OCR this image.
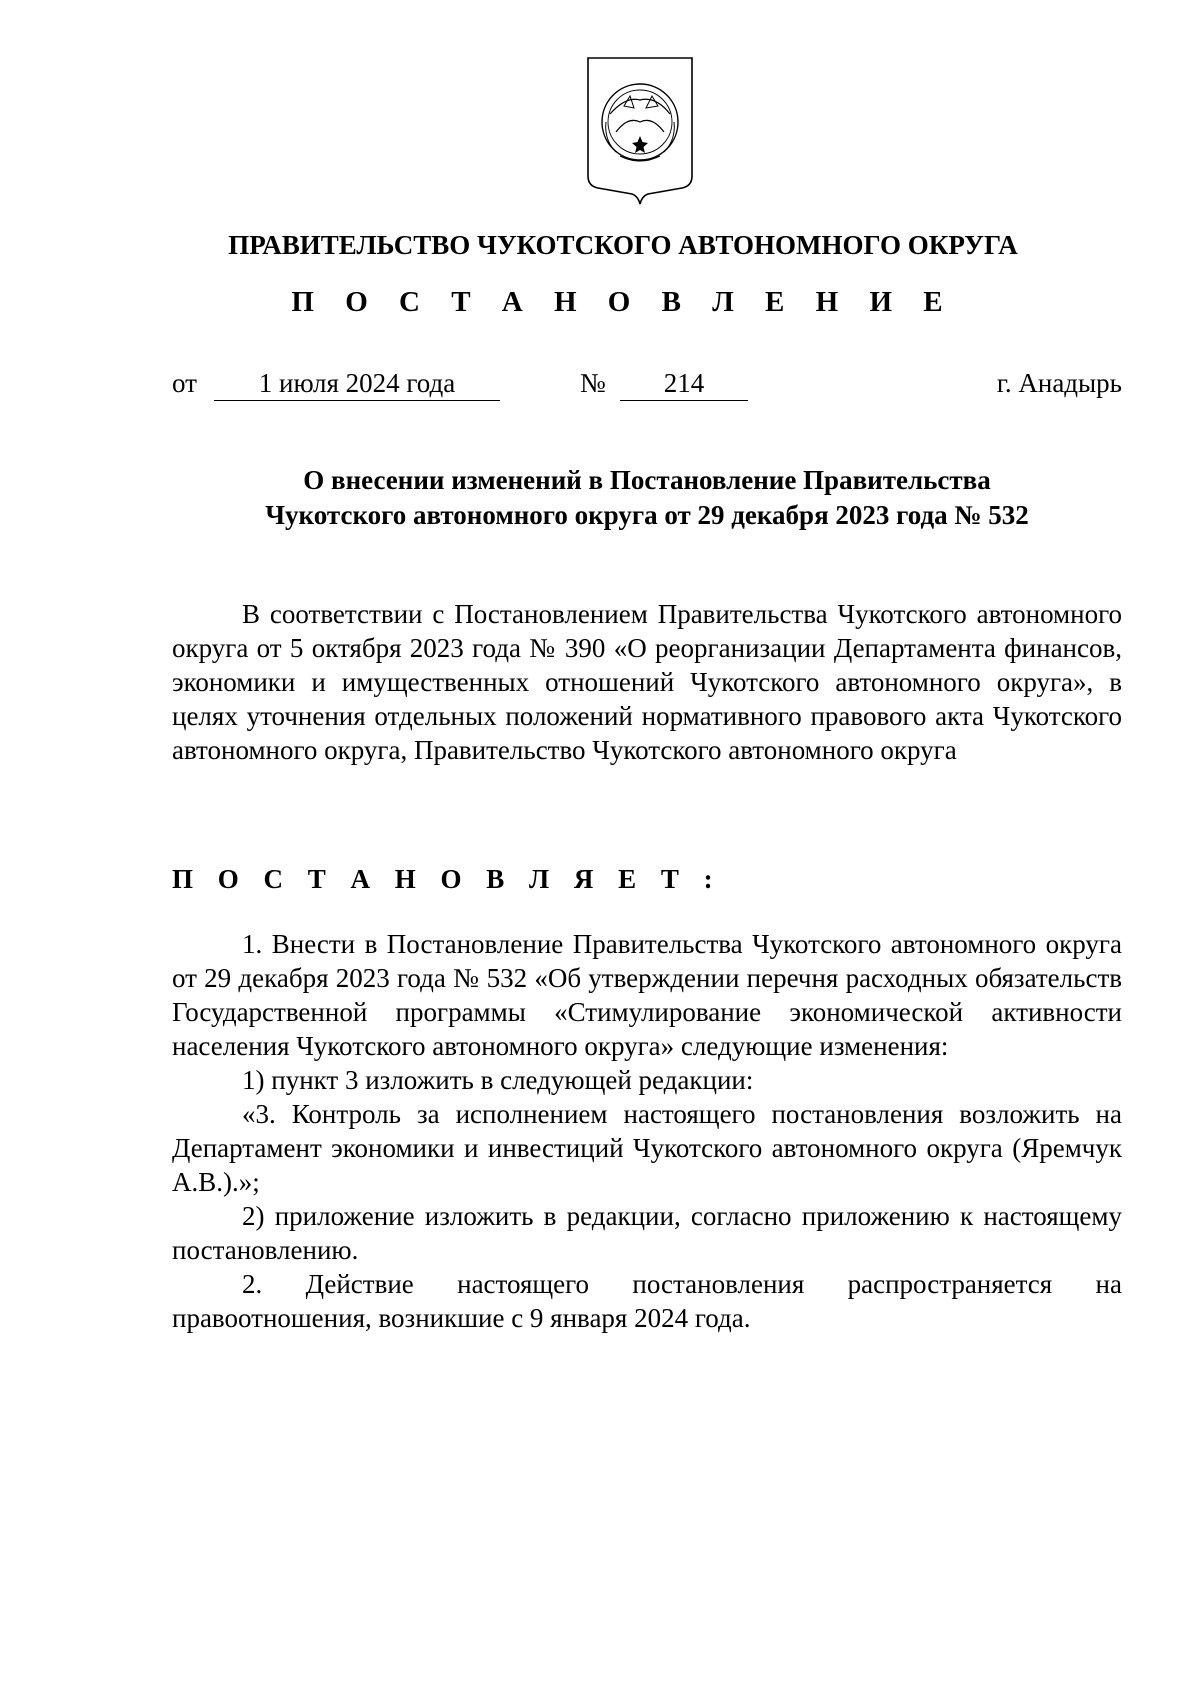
ПРАВИТЕЛЬСТВО ЧУКОТСКОГО АВТОНОМНОГО ОКРУГА
П О С Т А Н О В Л Е Н И Е
от	1 июля 2024 года	№	214	г. Анадырь
О внесении изменений в Постановление Правительства
Чукотского автономного округа от 29 декабря 2023 года № 532

В соответствии с Постановлением Правительства Чукотского автономного округа от 5 октября 2023 года № 390 «О реорганизации Департамента финансов, экономики и имущественных отношений Чукотского автономного округа», в целях уточнения отдельных положений нормативного правового акта Чукотского автономного округа, Правительство Чукотского автономного округа

П О С Т А Н О В Л Я Е Т :

1. Внести в Постановление Правительства Чукотского автономного округа от 29 декабря 2023 года № 532 «Об утверждении перечня расходных обязательств Государственной программы «Стимулирование экономической активности населения Чукотского автономного округа» следующие изменения:

1) пункт 3 изложить в следующей редакции:

«3. Контроль за исполнением настоящего постановления возложить на Департамент экономики и инвестиций Чукотского автономного округа (Яремчук А.В.).»;

2) приложение изложить в редакции, согласно приложению к настоящему постановлению.

2. Действие настоящего постановления распространяется на правоотношения, возникшие с 9 января 2024 года.
